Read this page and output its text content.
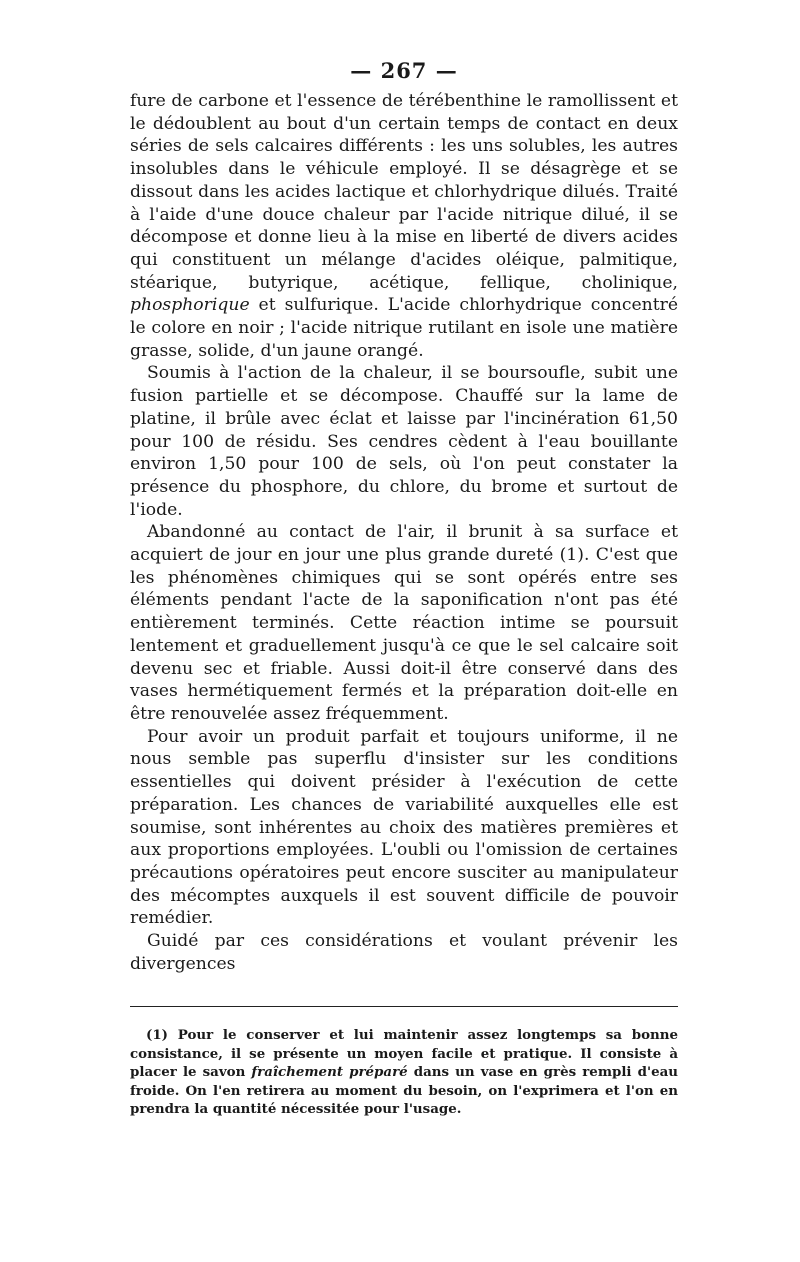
— 267 —

fure de carbone et l'essence de térébenthine le ramollissent et le dédoublent au bout d'un certain temps de contact en deux séries de sels calcaires différents : les uns solubles, les autres insolubles dans le véhicule employé. Il se désagrège et se dissout dans les acides lactique et chlorhydrique dilués. Traité à l'aide d'une douce chaleur par l'acide nitrique dilué, il se décompose et donne lieu à la mise en liberté de divers acides qui constituent un mélange d'acides oléique, palmitique, stéarique, butyrique, acétique, fellique, cholinique, phosphorique et sulfurique. L'acide chlorhydrique concentré le colore en noir ; l'acide nitrique rutilant en isole une matière grasse, solide, d'un jaune orangé.

Soumis à l'action de la chaleur, il se boursoufle, subit une fusion partielle et se décompose. Chauffé sur la lame de platine, il brûle avec éclat et laisse par l'incinération 61,50 pour 100 de résidu. Ses cendres cèdent à l'eau bouillante environ 1,50 pour 100 de sels, où l'on peut constater la présence du phosphore, du chlore, du brome et surtout de l'iode.

Abandonné au contact de l'air, il brunit à sa surface et acquiert de jour en jour une plus grande dureté (1). C'est que les phénomènes chimiques qui se sont opérés entre ses éléments pendant l'acte de la saponification n'ont pas été entièrement terminés. Cette réaction intime se poursuit lentement et graduellement jusqu'à ce que le sel calcaire soit devenu sec et friable. Aussi doit-il être conservé dans des vases hermétiquement fermés et la préparation doit-elle en être renouvelée assez fréquemment.

Pour avoir un produit parfait et toujours uniforme, il ne nous semble pas superflu d'insister sur les conditions essentielles qui doivent présider à l'exécution de cette préparation. Les chances de variabilité auxquelles elle est soumise, sont inhérentes au choix des matières premières et aux proportions employées. L'oubli ou l'omission de certaines précautions opératoires peut encore susciter au manipulateur des mécomptes auxquels il est souvent difficile de pouvoir remédier.

Guidé par ces considérations et voulant prévenir les divergences

(1) Pour le conserver et lui maintenir assez longtemps sa bonne consistance, il se présente un moyen facile et pratique. Il consiste à placer le savon fraîchement préparé dans un vase en grès rempli d'eau froide. On l'en retirera au moment du besoin, on l'exprimera et l'on en prendra la quantité nécessitée pour l'usage.
